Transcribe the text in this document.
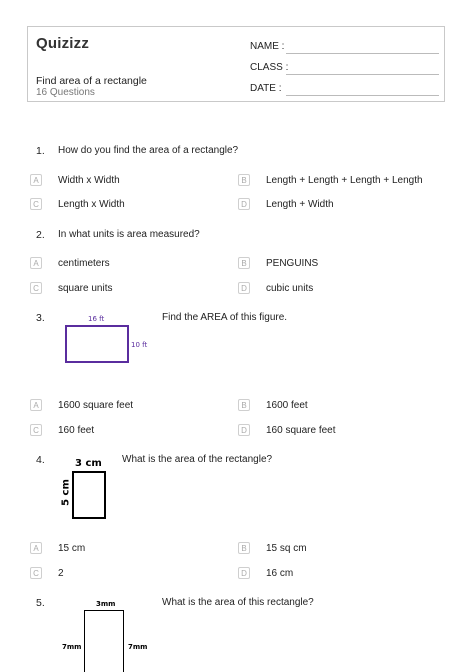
Quizizz
Find area of a rectangle
16 Questions
NAME :
CLASS :
DATE :
1. How do you find the area of a rectangle?
A	Width x Width	B	Length + Length + Length + Length
C	Length x Width	D	Length + Width
2. In what units is area measured?
A	centimeters	B	PENGUINS
C	square units	D	cubic units
3.	16 ft
10 ft
Find the AREA of this figure.
A	1600 square feet	B	1600 feet
C	160 feet	D	160 square feet
4.	3 cm
5 cm
What is the area of the rectangle?
A	15 cm	B	15 sq cm
C	2	D	16 cm
5.	3mm
7mm	7mm
What is the area of this rectangle?
